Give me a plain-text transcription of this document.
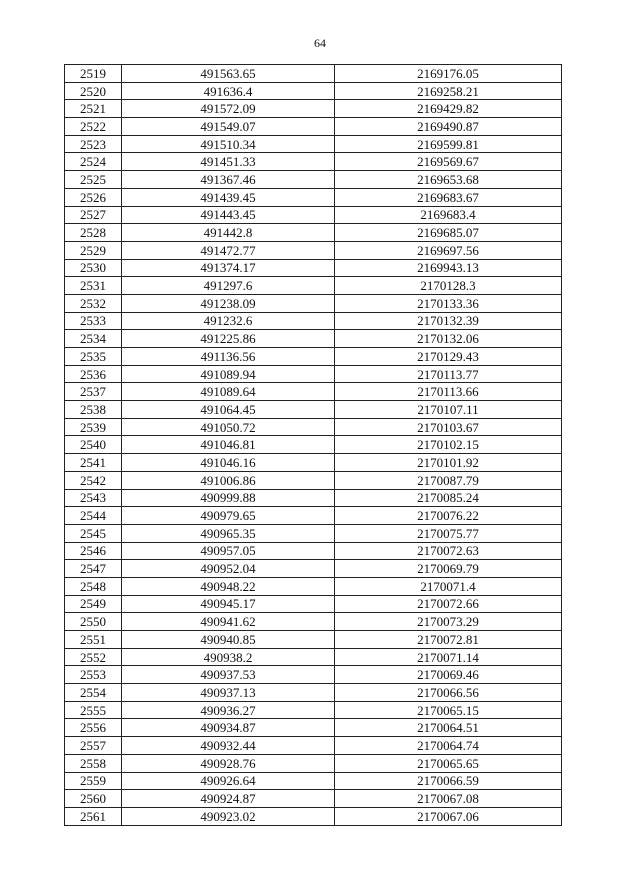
64
2519	491563.65	2169176.05
2520	491636.4	2169258.21
2521	491572.09	2169429.82
2522	491549.07	2169490.87
2523	491510.34	2169599.81
2524	491451.33	2169569.67
2525	491367.46	2169653.68
2526	491439.45	2169683.67
2527	491443.45	2169683.4
2528	491442.8	2169685.07
2529	491472.77	2169697.56
2530	491374.17	2169943.13
2531	491297.6	2170128.3
2532	491238.09	2170133.36
2533	491232.6	2170132.39
2534	491225.86	2170132.06
2535	491136.56	2170129.43
2536	491089.94	2170113.77
2537	491089.64	2170113.66
2538	491064.45	2170107.11
2539	491050.72	2170103.67
2540	491046.81	2170102.15
2541	491046.16	2170101.92
2542	491006.86	2170087.79
2543	490999.88	2170085.24
2544	490979.65	2170076.22
2545	490965.35	2170075.77
2546	490957.05	2170072.63
2547	490952.04	2170069.79
2548	490948.22	2170071.4
2549	490945.17	2170072.66
2550	490941.62	2170073.29
2551	490940.85	2170072.81
2552	490938.2	2170071.14
2553	490937.53	2170069.46
2554	490937.13	2170066.56
2555	490936.27	2170065.15
2556	490934.87	2170064.51
2557	490932.44	2170064.74
2558	490928.76	2170065.65
2559	490926.64	2170066.59
2560	490924.87	2170067.08
2561	490923.02	2170067.06
